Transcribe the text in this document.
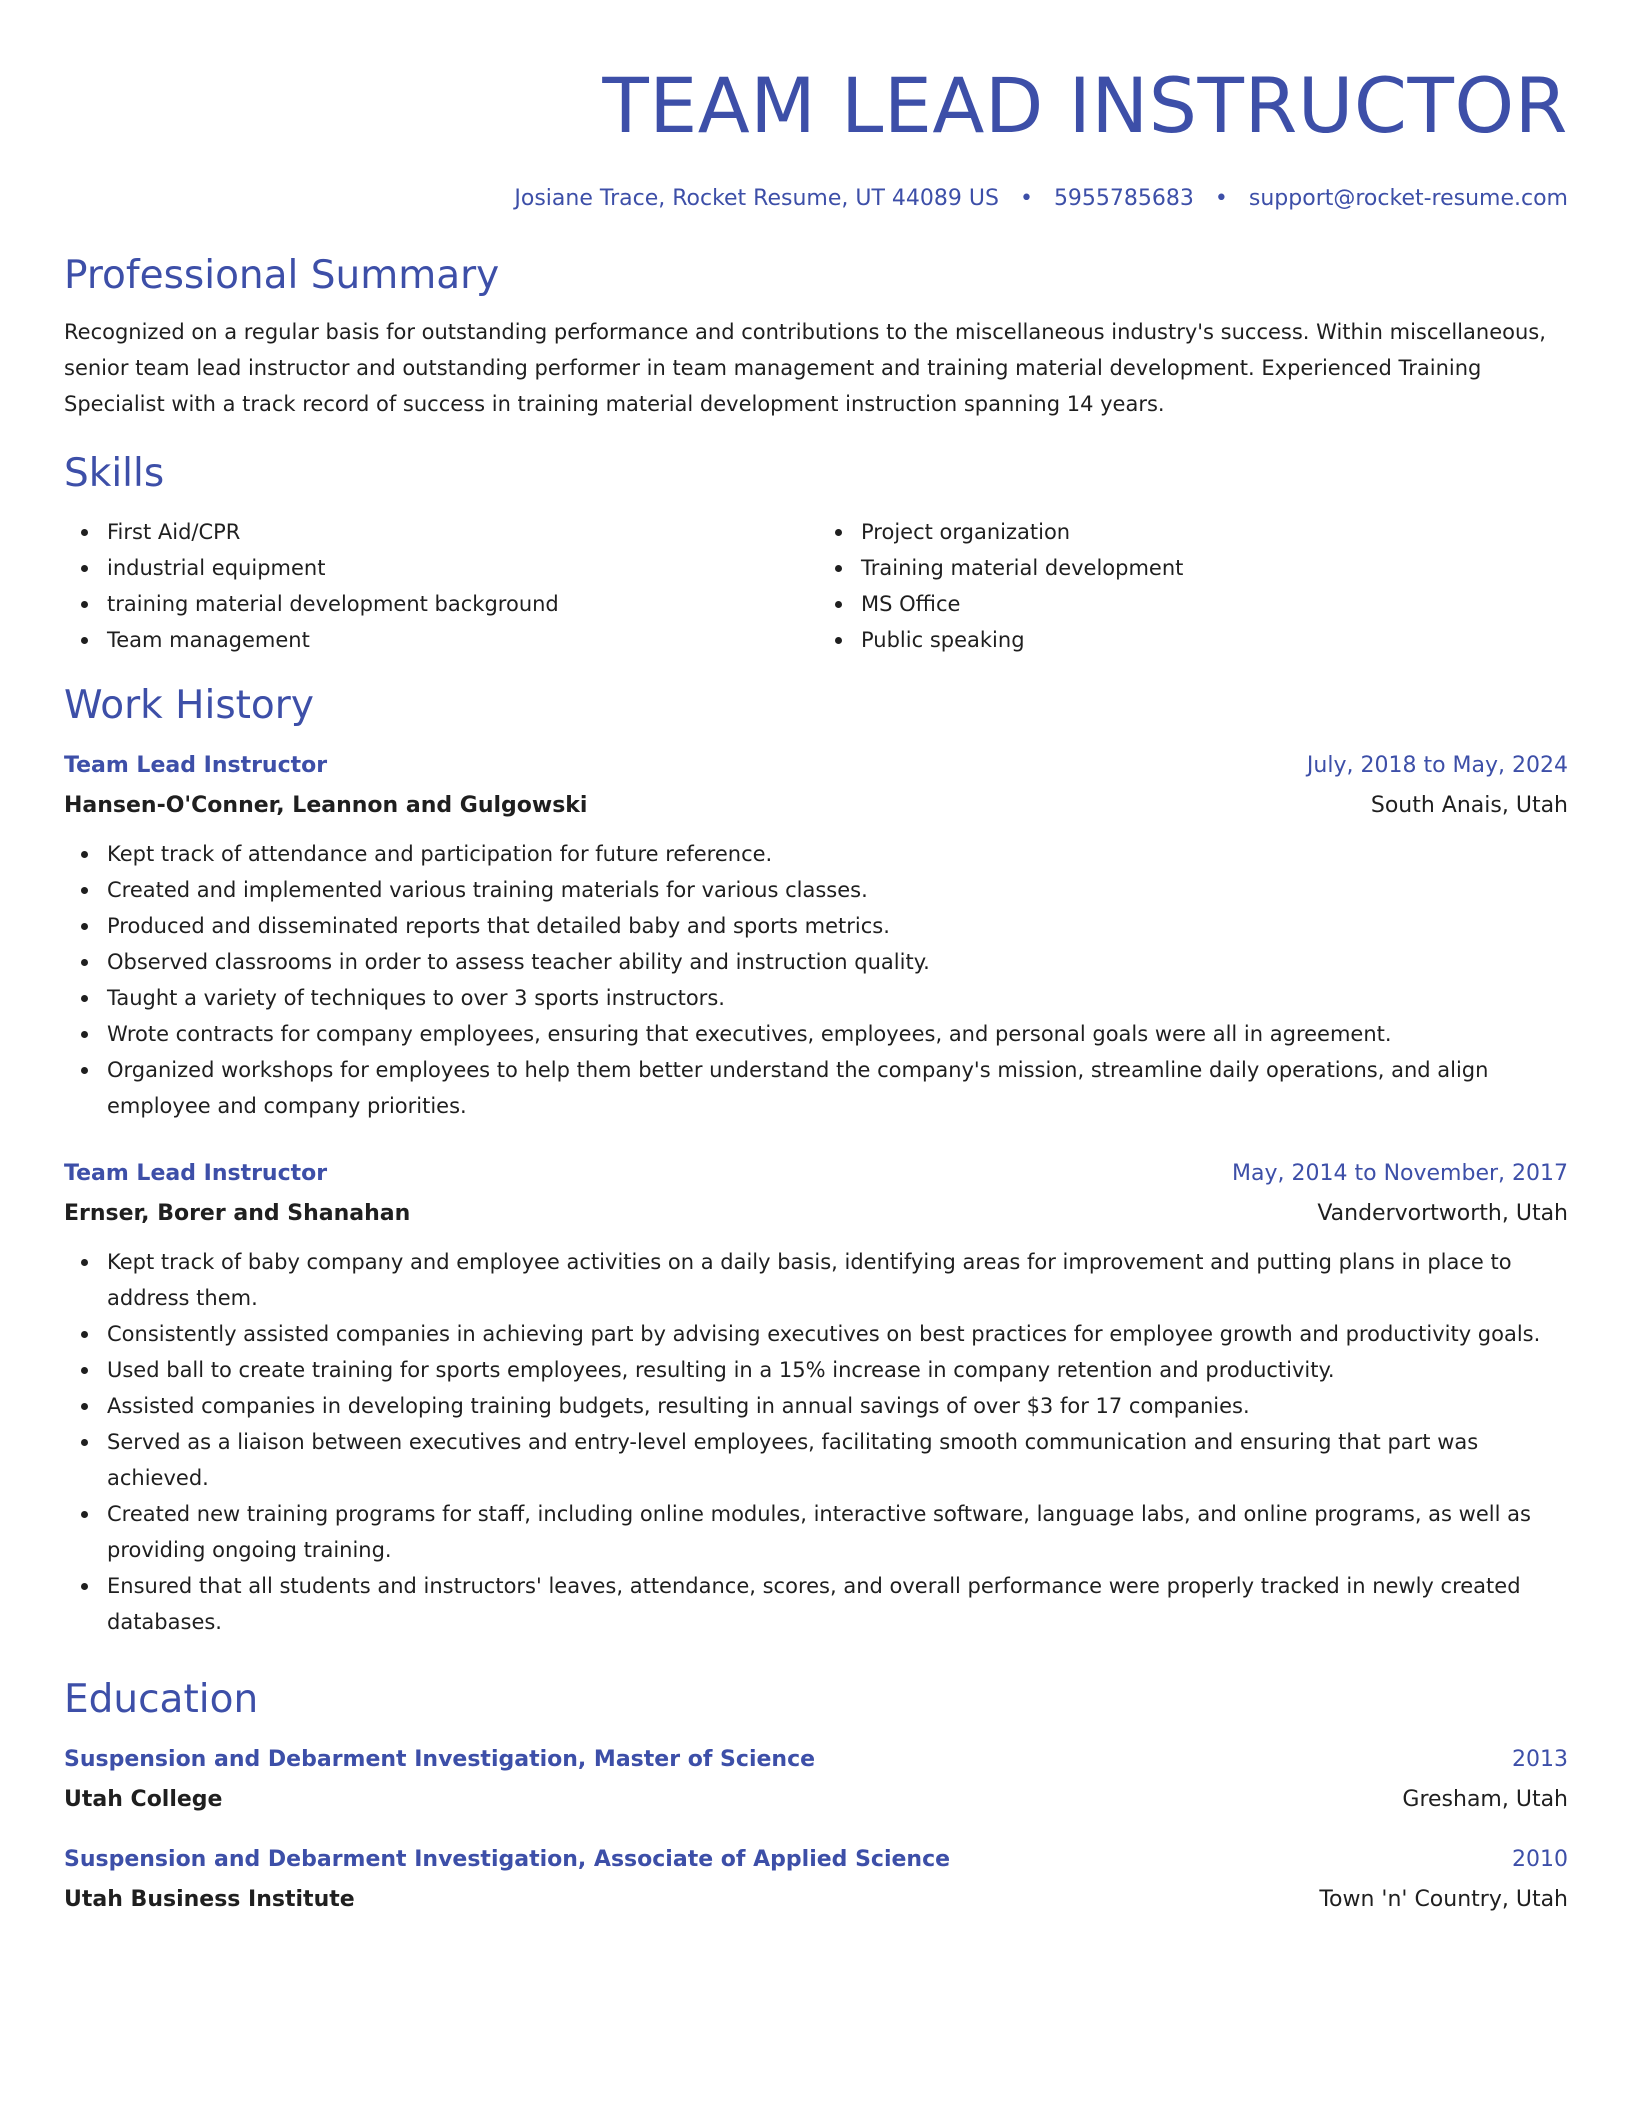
TEAM LEAD INSTRUCTOR
Josiane Trace, Rocket Resume, UT 44089 US • 5955785683 • support@rocket-resume.com
Professional Summary
Recognized on a regular basis for outstanding performance and contributions to the miscellaneous industry's success. Within miscellaneous, senior team lead instructor and outstanding performer in team management and training material development. Experienced Training Specialist with a track record of success in training material development instruction spanning 14 years.
Skills
First Aid/CPR
industrial equipment
training material development background
Team management
Project organization
Training material development
MS Office
Public speaking
Work History
Team Lead Instructor	July, 2018 to May, 2024
Hansen-O'Conner, Leannon and Gulgowski	South Anais, Utah
Kept track of attendance and participation for future reference.
Created and implemented various training materials for various classes.
Produced and disseminated reports that detailed baby and sports metrics.
Observed classrooms in order to assess teacher ability and instruction quality.
Taught a variety of techniques to over 3 sports instructors.
Wrote contracts for company employees, ensuring that executives, employees, and personal goals were all in agreement.
Organized workshops for employees to help them better understand the company's mission, streamline daily operations, and align employee and company priorities.
Team Lead Instructor	May, 2014 to November, 2017
Ernser, Borer and Shanahan	Vandervortworth, Utah
Kept track of baby company and employee activities on a daily basis, identifying areas for improvement and putting plans in place to address them.
Consistently assisted companies in achieving part by advising executives on best practices for employee growth and productivity goals.
Used ball to create training for sports employees, resulting in a 15% increase in company retention and productivity.
Assisted companies in developing training budgets, resulting in annual savings of over $3 for 17 companies.
Served as a liaison between executives and entry-level employees, facilitating smooth communication and ensuring that part was achieved.
Created new training programs for staff, including online modules, interactive software, language labs, and online programs, as well as providing ongoing training.
Ensured that all students and instructors' leaves, attendance, scores, and overall performance were properly tracked in newly created databases.
Education
Suspension and Debarment Investigation, Master of Science	2013
Utah College	Gresham, Utah
Suspension and Debarment Investigation, Associate of Applied Science	2010
Utah Business Institute	Town 'n' Country, Utah
